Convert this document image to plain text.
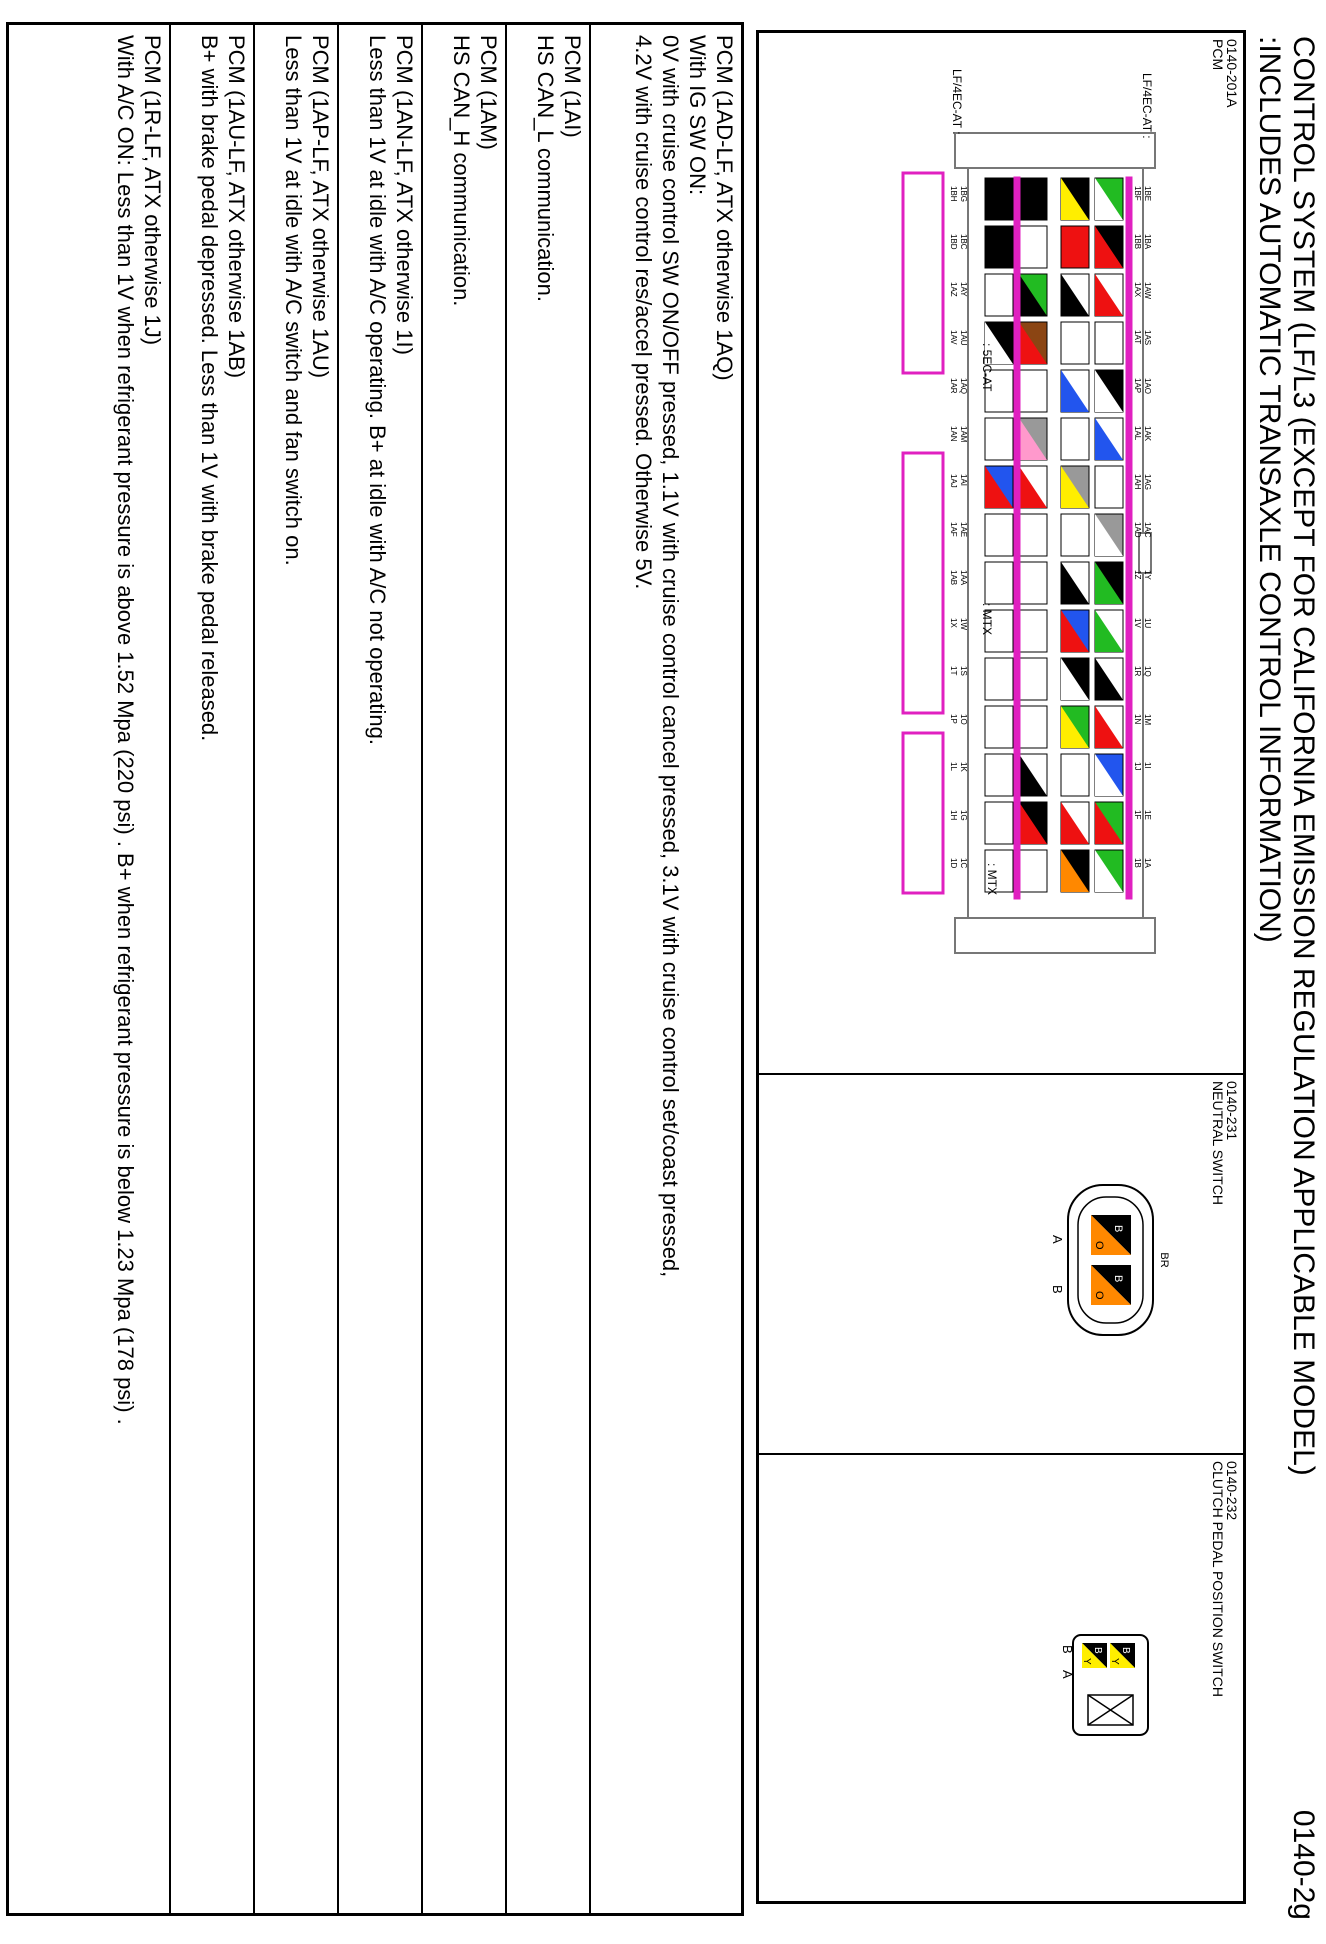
CONTROL SYSTEM (LF/L3 (EXCEPT FOR CALIFORNIA EMISSION REGULATION APPLICABLE MODEL)
:INCLUDES AUTOMATIC TRANSAXLE CONTROL INFORMATION)
0140-2g
0140-201A
PCM
1BE
1BA
1AW
1AS
1AO
1AK
1AG
1AC
1Y
1U
1Q
1M
1I
1E
1A
1BF
1BB
1AX
1AT
1AP
1AL
1AH
1AD
1Z
1V
1R
1N
1J
1F
1B
1BG
1BC
1AY
1AU
1AQ
1AM
1AI
1AE
1AA
1W
1S
1O
1K
1G
1C
1BH
1BD
1AZ
1AV
1AR
1AN
1AJ
1AF
1AB
1X
1T
1P
1L
1H
1D
LF/4EC-AT :
LF/4EC-AT :
: MTX
: MTX
: 5EC-AT
0140-231
NEUTRAL SWITCH
BR
B
O
B
O
A
B
0140-232
CLUTCH PEDAL POSITION SWITCH
B
Y
B
Y
B
A
PCM (1AD-LF, ATX otherwise 1AQ)
With IG SW ON:
0V with cruise control SW ON/OFF pressed, 1.1V with cruise control cancel pressed, 3.1V with cruise control set/coast pressed,
4.2V with cruise control res/accel pressed. Otherwise 5V.
PCM (1AI)
HS CAN_L communication.
PCM (1AM)
HS CAN_H communication.
PCM (1AN-LF, ATX otherwise 1I)
Less than 1V at idle with A/C operating. B+ at idle with A/C not operating.
PCM (1AP-LF, ATX otherwise 1AU)
Less than 1V at idle with A/C switch and fan switch on.
PCM (1AU-LF, ATX otherwise 1AB)
B+ with brake pedal depressed. Less than 1V with brake pedal released.
PCM (1R-LF, ATX otherwise 1J)
With A/C ON: Less than 1V when refrigerant pressure is above 1.52 Mpa (220 psi) . B+ when refrigerant pressure is below 1.23 Mpa (178 psi) .
